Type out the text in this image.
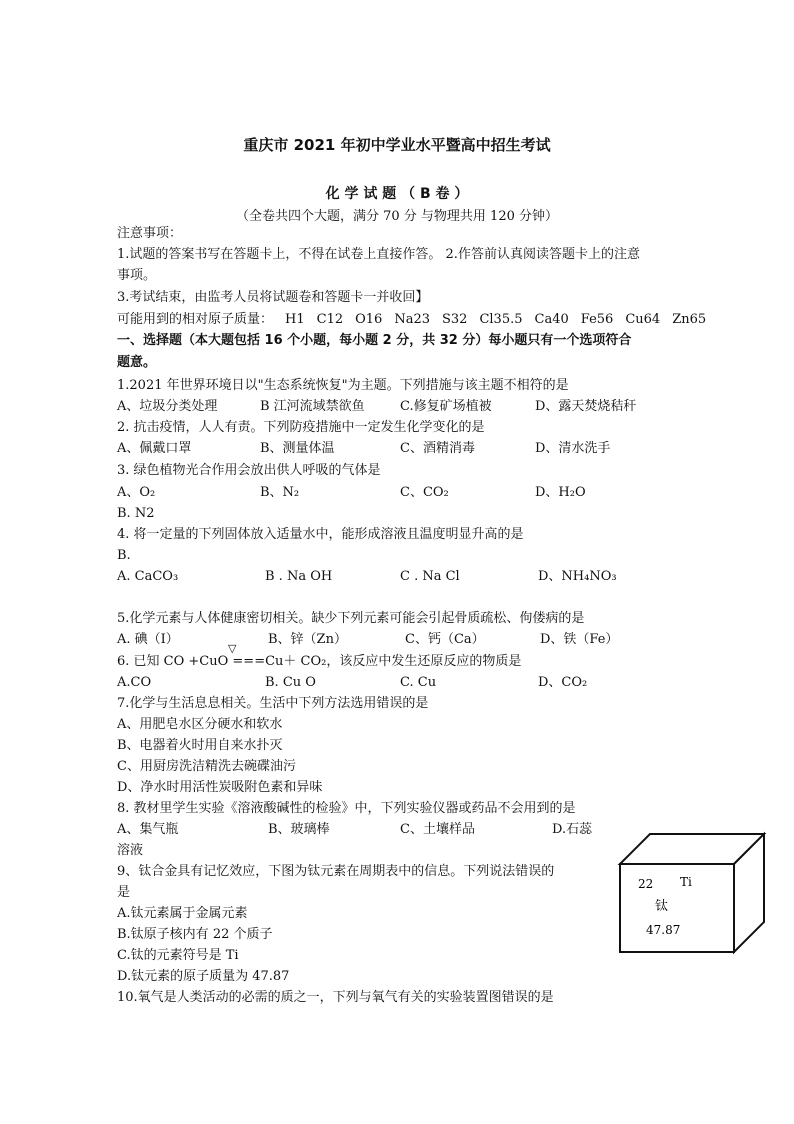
重庆市 2021 年初中学业水平暨高中招生考试
化 学 试 题 （ B 卷 ）
（全卷共四个大题，满分 70 分 与物理共用 120 分钟）
注意事项：
1.试题的答案书写在答题卡上，不得在试卷上直接作答。 2.作答前认真阅读答题卡上的注意
事项。
3.考试结束，由监考人员将试题卷和答题卡一并收回】
可能用到的相对原子质量： H1 C12 O16 Na23 S32 Cl35.5 Ca40 Fe56 Cu64 Zn65
一、选择题（本大题包括 16 个小题，每小题 2 分，共 32 分）每小题只有一个选项符合
题意。
1.2021 年世界环境日以"生态系统恢复"为主题。下列措施与该主题不相符的是
A、垃圾分类处理	B 江河流域禁欲鱼	C.修复矿场植被	D、露天焚烧秸秆
2. 抗击疫情，人人有责。下列防疫措施中一定发生化学变化的是
A、佩戴口罩	B、测量体温	C、酒精消毒	D、清水洗手
3. 绿色植物光合作用会放出供人呼吸的气体是
A、O₂	B、N₂	C、CO₂	D、H₂O
B. N2
4. 将一定量的下列固体放入适量水中，能形成溶液且温度明显升高的是
B.
A. CaCO₃	B . Na OH	C . Na Cl	D、NH₄NO₃
5.化学元素与人体健康密切相关。缺少下列元素可能会引起骨质疏松、佝偻病的是
A. 碘（I）	B、锌（Zn）	C、钙（Ca）	D、铁（Fe）
▽
6. 已知 CO +CuO ===Cu＋ CO₂，该反应中发生还原反应的物质是
A.CO	B. Cu O	C. Cu	D、CO₂
7.化学与生活息息相关。生活中下列方法选用错误的是
A、用肥皂水区分硬水和软水
B、电器着火时用自来水扑灭
C、用厨房洗洁精洗去碗碟油污
D、净水时用活性炭吸附色素和异味
8. 教材里学生实验《溶液酸碱性的检验》中，下列实验仪器或药品不会用到的是
A、集气瓶	B、玻璃棒	C、土壤样品	D.石蕊
溶液
9、钛合金具有记忆效应，下图为钛元素在周期表中的信息。下列说法错误的
是
A.钛元素属于金属元素
B.钛原子核内有 22 个质子
C.钛的元素符号是 Ti
D.钛元素的原子质量为 47.87
10.氧气是人类活动的必需的质之一，下列与氧气有关的实验装置图错误的是
22 Ti
钛
47.87
